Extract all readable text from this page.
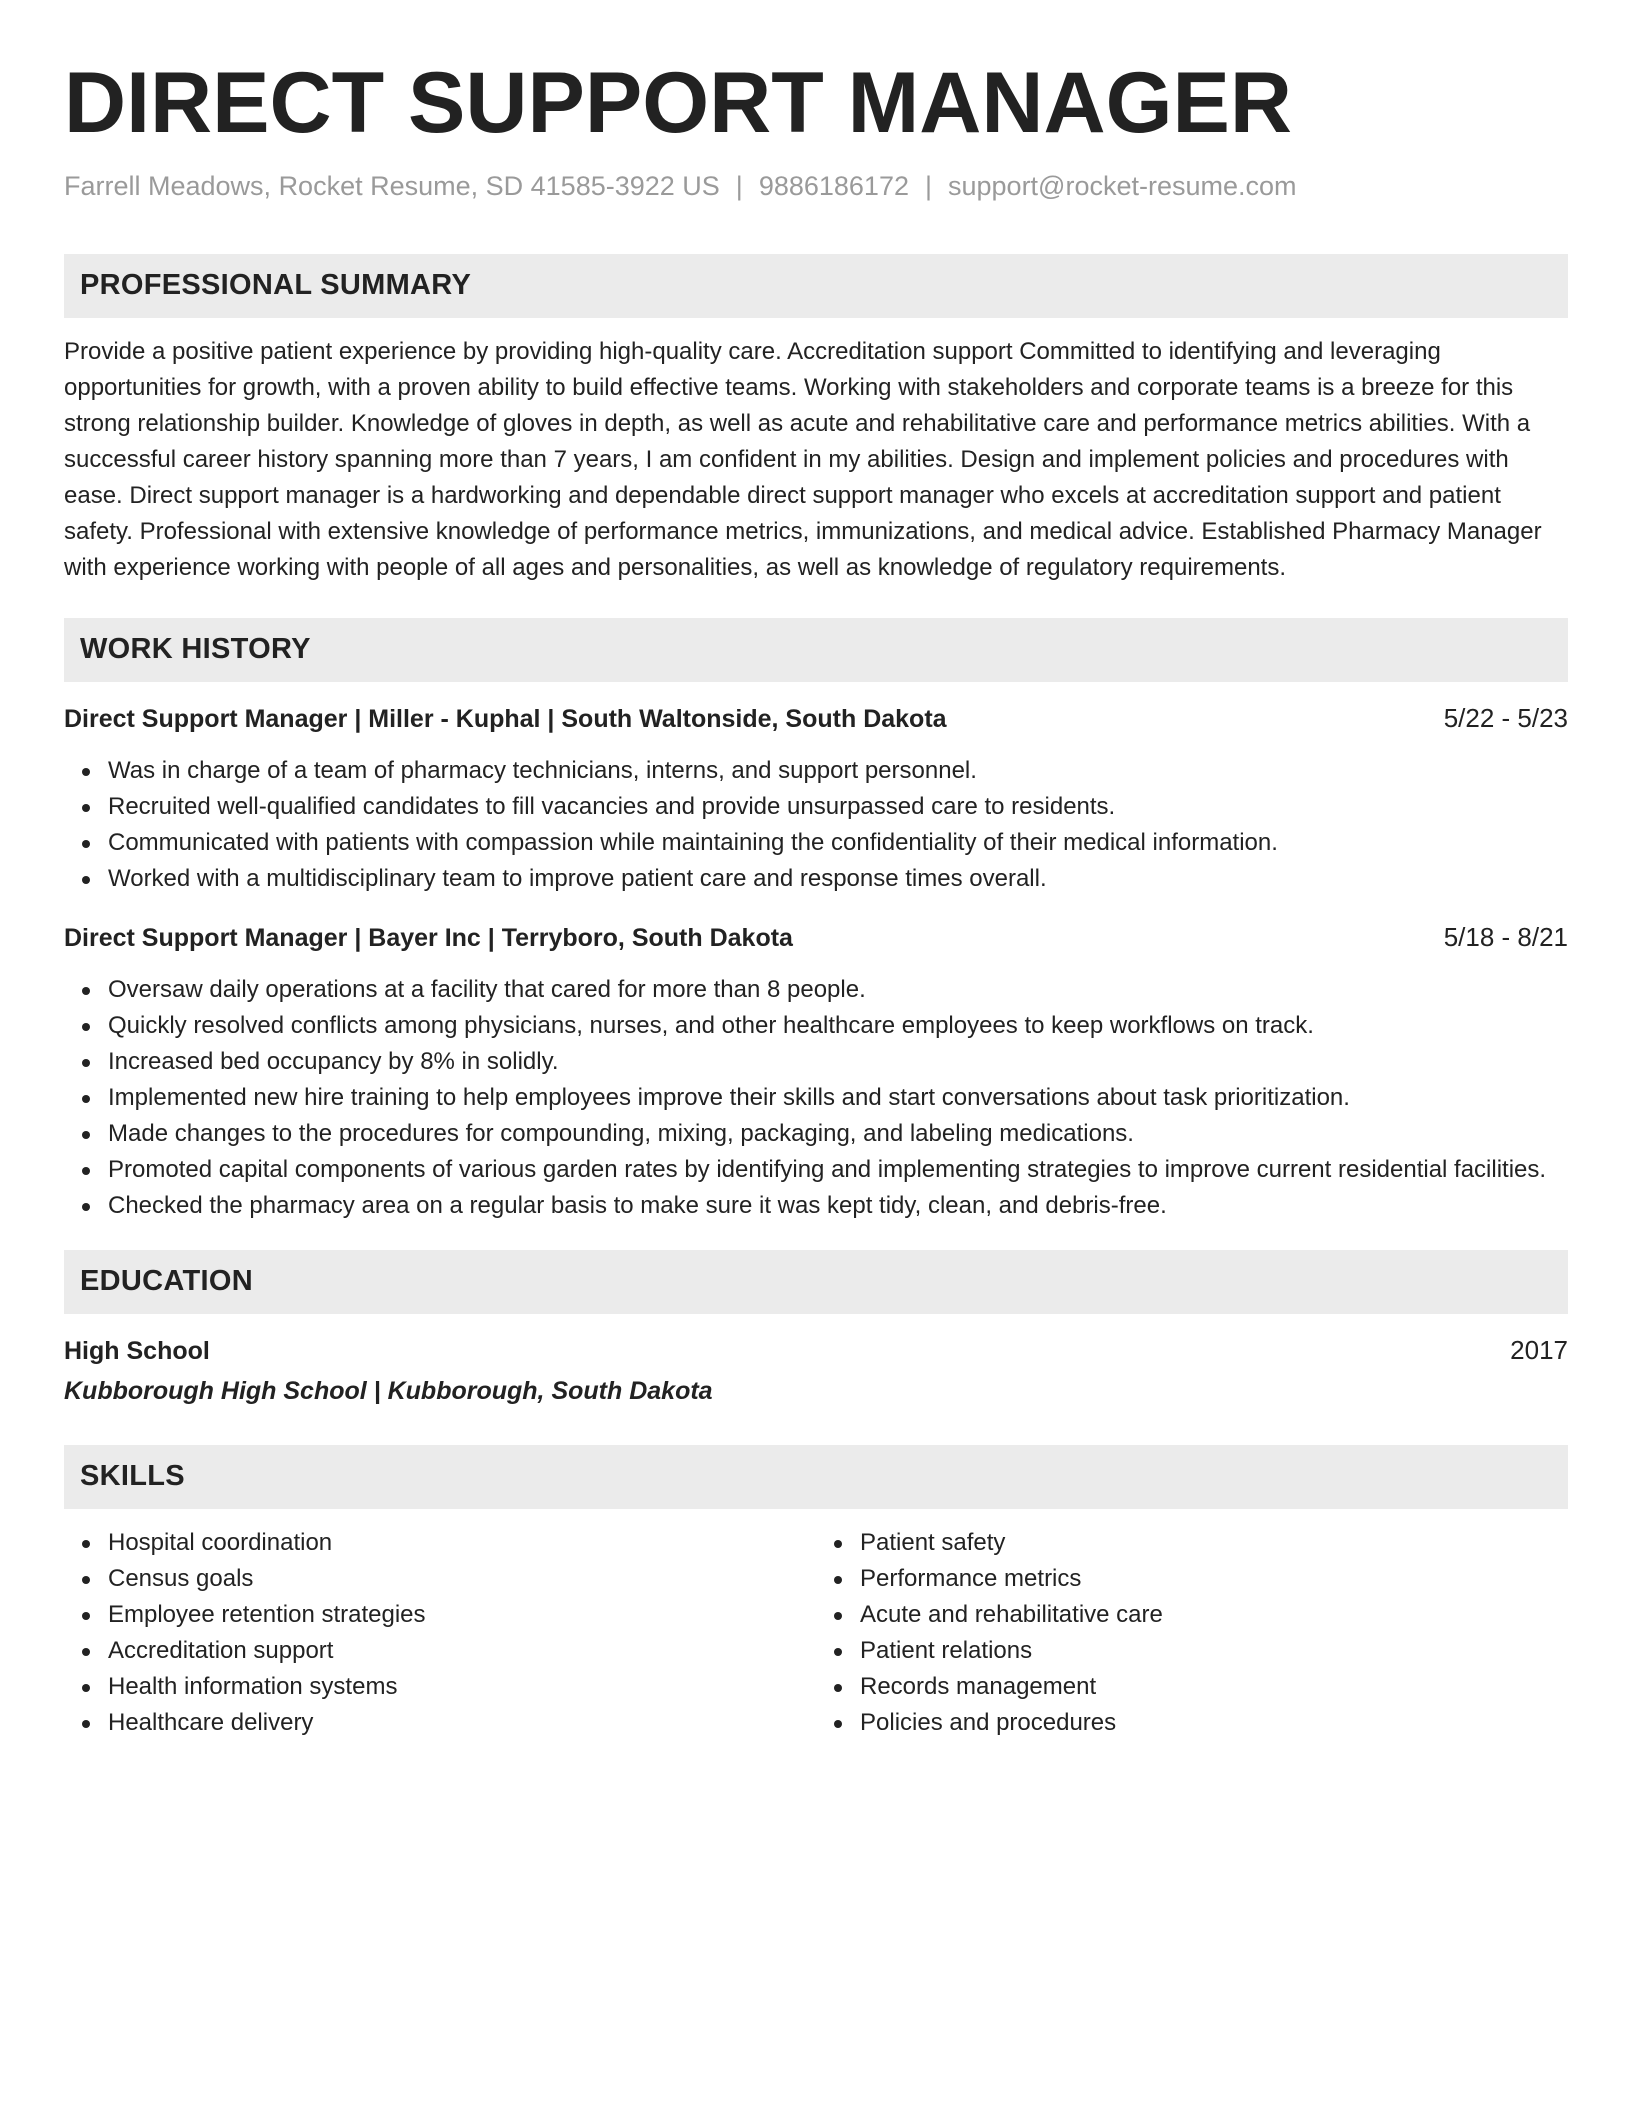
DIRECT SUPPORT MANAGER
Farrell Meadows, Rocket Resume, SD 41585-3922 US | 9886186172 | support@rocket-resume.com
PROFESSIONAL SUMMARY
Provide a positive patient experience by providing high-quality care. Accreditation support Committed to identifying and leveraging opportunities for growth, with a proven ability to build effective teams. Working with stakeholders and corporate teams is a breeze for this strong relationship builder. Knowledge of gloves in depth, as well as acute and rehabilitative care and performance metrics abilities. With a successful career history spanning more than 7 years, I am confident in my abilities. Design and implement policies and procedures with ease. Direct support manager is a hardworking and dependable direct support manager who excels at accreditation support and patient safety. Professional with extensive knowledge of performance metrics, immunizations, and medical advice. Established Pharmacy Manager with experience working with people of all ages and personalities, as well as knowledge of regulatory requirements.
WORK HISTORY
Direct Support Manager | Miller - Kuphal | South Waltonside, South Dakota	5/22 - 5/23
Was in charge of a team of pharmacy technicians, interns, and support personnel.
Recruited well-qualified candidates to fill vacancies and provide unsurpassed care to residents.
Communicated with patients with compassion while maintaining the confidentiality of their medical information.
Worked with a multidisciplinary team to improve patient care and response times overall.
Direct Support Manager | Bayer Inc | Terryboro, South Dakota	5/18 - 8/21
Oversaw daily operations at a facility that cared for more than 8 people.
Quickly resolved conflicts among physicians, nurses, and other healthcare employees to keep workflows on track.
Increased bed occupancy by 8% in solidly.
Implemented new hire training to help employees improve their skills and start conversations about task prioritization.
Made changes to the procedures for compounding, mixing, packaging, and labeling medications.
Promoted capital components of various garden rates by identifying and implementing strategies to improve current residential facilities.
Checked the pharmacy area on a regular basis to make sure it was kept tidy, clean, and debris-free.
EDUCATION
High School	2017
Kubborough High School | Kubborough, South Dakota
SKILLS
Hospital coordination
Census goals
Employee retention strategies
Accreditation support
Health information systems
Healthcare delivery
Patient safety
Performance metrics
Acute and rehabilitative care
Patient relations
Records management
Policies and procedures
